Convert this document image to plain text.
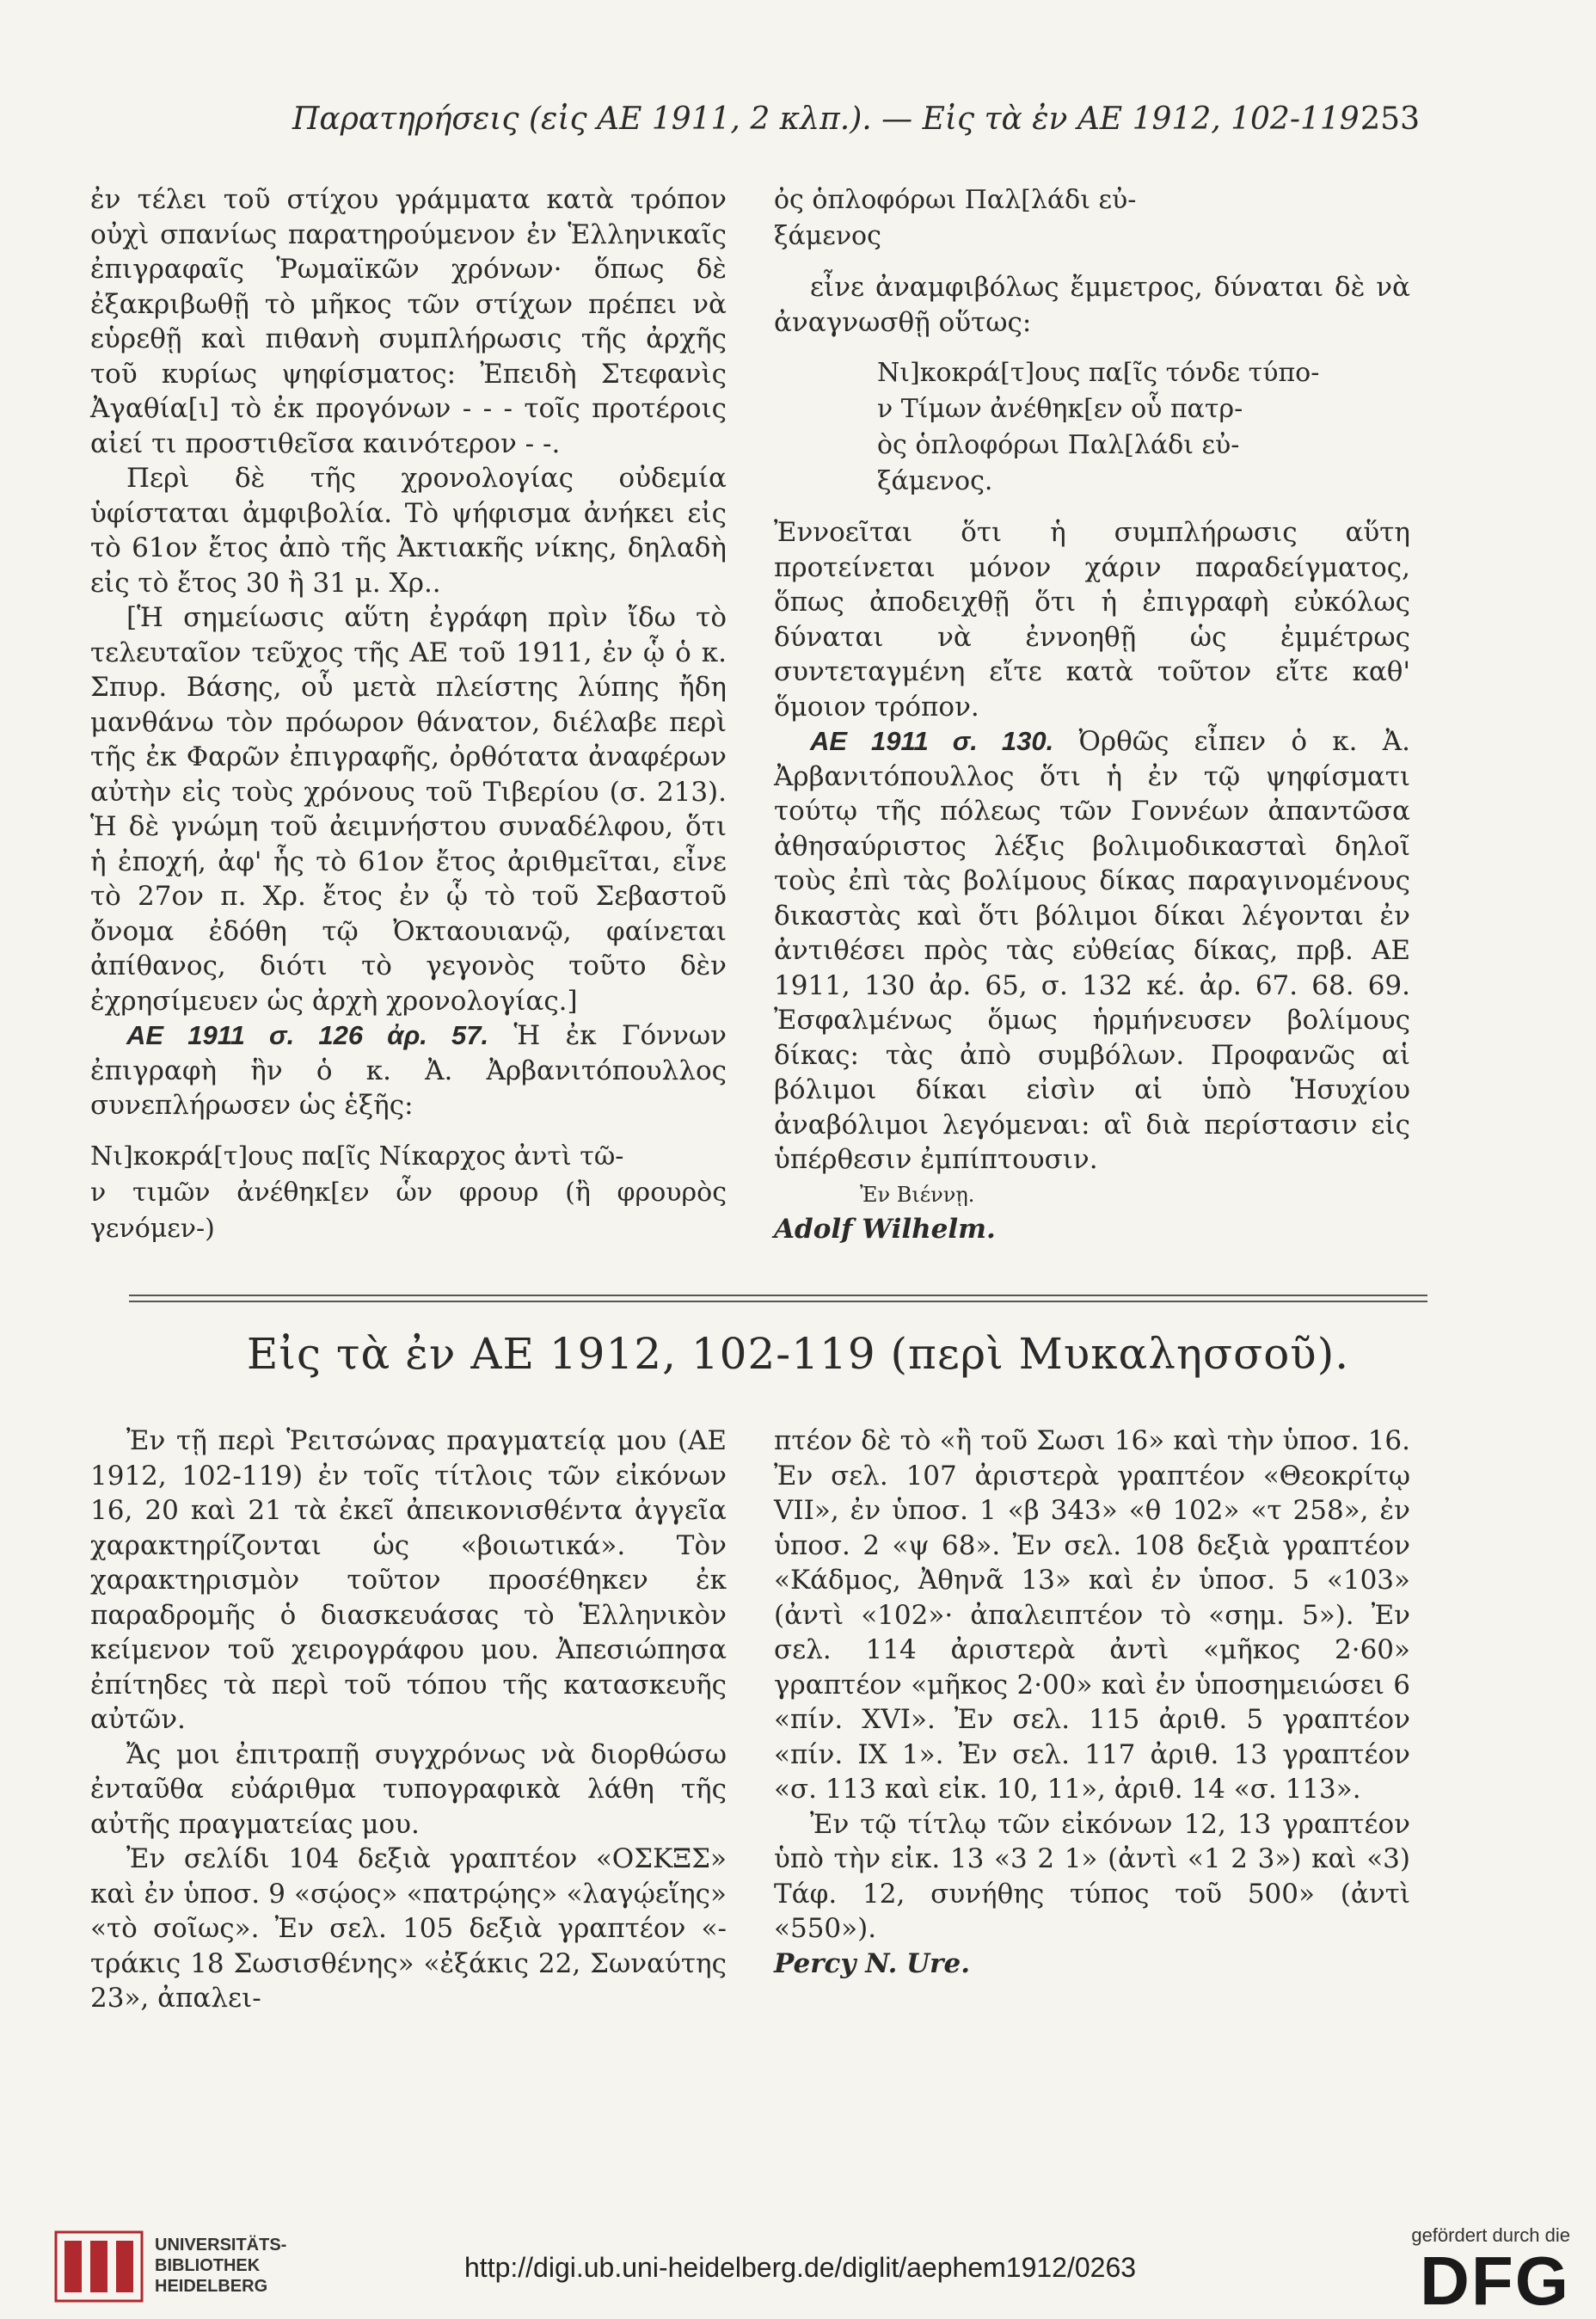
Παρατηρήσεις (εἰς ΑΕ 1911, 2 κλπ.). — Εἰς τὰ ἐν ΑΕ 1912, 102-119.
253

ἐν τέλει τοῦ στίχου γράμματα κατὰ τρόπον οὐχὶ σπανίως παρατηρούμενον ἐν Ἑλληνικαῖς ἐπιγραφαῖς Ῥωμαϊκῶν χρόνων· ὅπως δὲ ἐξακριβωθῇ τὸ μῆκος τῶν στίχων πρέπει νὰ εὑρεθῇ καὶ πιθανὴ συμπλήρωσις τῆς ἀρχῆς τοῦ κυρίως ψηφίσματος: Ἐπειδὴ Στεφανὶς Ἀγαθία[ι] τὸ ἐκ προγόνων - - - τοῖς προτέροις αἰεί τι προστιθεῖσα καινότερον - -.

Περὶ δὲ τῆς χρονολογίας οὐδεμία ὑφίσταται ἀμφιβολία. Τὸ ψήφισμα ἀνήκει εἰς τὸ 61ον ἔτος ἀπὸ τῆς Ἀκτιακῆς νίκης, δηλαδὴ εἰς τὸ ἔτος 30 ἢ 31 μ. Χρ..

[Ἡ σημείωσις αὕτη ἐγράφη πρὶν ἴδω τὸ τελευταῖον τεῦχος τῆς ΑΕ τοῦ 1911, ἐν ᾧ ὁ κ. Σπυρ. Βάσης, οὗ μετὰ πλείστης λύπης ἤδη μανθάνω τὸν πρόωρον θάνατον, διέλαβε περὶ τῆς ἐκ Φαρῶν ἐπιγραφῆς, ὀρθότατα ἀναφέρων αὐτὴν εἰς τοὺς χρόνους τοῦ Τιβερίου (σ. 213). Ἡ δὲ γνώμη τοῦ ἀειμνήστου συναδέλφου, ὅτι ἡ ἐποχή, ἀφ' ἧς τὸ 61ον ἔτος ἀριθμεῖται, εἶνε τὸ 27ον π. Χρ. ἔτος ἐν ᾧ τὸ τοῦ Σεβαστοῦ ὄνομα ἐδόθη τῷ Ὀκταουιανῷ, φαίνεται ἀπίθανος, διότι τὸ γεγονὸς τοῦτο δὲν ἐχρησίμευεν ὡς ἀρχὴ χρονολογίας.]

ΑΕ 1911 σ. 126 ἀρ. 57. Ἡ ἐκ Γόννων ἐπιγραφὴ ἣν ὁ κ. Ἀ. Ἀρβανιτόπουλλος συνεπλήρωσεν ὡς ἑξῆς:

Νι]κοκρά[τ]ους πα[ῖς Νίκαρχος ἀντὶ τῶ-

ν τιμῶν ἀνέθηκ[εν ὧν φρουρ (ἢ φρουρὸς γενόμεν-)

ὀς ὁπλοφόρωι Παλ[λάδι εὐ-

ξάμενος

εἶνε ἀναμφιβόλως ἔμμετρος, δύναται δὲ νὰ ἀναγνωσθῇ οὕτως:

Νι]κοκρά[τ]ους πα[ῖς τόνδε τύπο-

ν Τίμων ἀνέθηκ[εν οὗ πατρ-

ὸς ὁπλοφόρωι Παλ[λάδι εὐ-

ξάμενος.

Ἐννοεῖται ὅτι ἡ συμπλήρωσις αὕτη προτείνεται μόνον χάριν παραδείγματος, ὅπως ἀποδειχθῇ ὅτι ἡ ἐπιγραφὴ εὐκόλως δύναται νὰ ἐννοηθῇ ὡς ἐμμέτρως συντεταγμένη εἴτε κατὰ τοῦτον εἴτε καθ' ὅμοιον τρόπον.

ΑΕ 1911 σ. 130. Ὀρθῶς εἶπεν ὁ κ. Ἀ. Ἀρβανιτόπουλλος ὅτι ἡ ἐν τῷ ψηφίσματι τούτῳ τῆς πόλεως τῶν Γοννέων ἀπαντῶσα ἀθησαύριστος λέξις βολιμοδικασταὶ δηλοῖ τοὺς ἐπὶ τὰς βολίμους δίκας παραγινομένους δικαστὰς καὶ ὅτι βόλιμοι δίκαι λέγονται ἐν ἀντιθέσει πρὸς τὰς εὐθείας δίκας, πρβ. ΑΕ 1911, 130 ἀρ. 65, σ. 132 κέ. ἀρ. 67. 68. 69. Ἐσφαλμένως ὅμως ἡρμήνευσεν βολίμους δίκας: τὰς ἀπὸ συμβόλων. Προφανῶς αἱ βόλιμοι δίκαι εἰσὶν αἱ ὑπὸ Ἡσυχίου ἀναβόλιμοι λεγόμεναι: αἳ διὰ περίστασιν εἰς ὑπέρθεσιν ἐμπίπτουσιν.

Ἐν Βιέννῃ.

Adolf Wilhelm.

Εἰς τὰ ἐν ΑΕ 1912, 102-119 (περὶ Μυκαλησσοῦ).

Ἐν τῇ περὶ Ῥειτσώνας πραγματείᾳ μου (ΑΕ 1912, 102-119) ἐν τοῖς τίτλοις τῶν εἰκόνων 16, 20 καὶ 21 τὰ ἐκεῖ ἀπεικονισθέντα ἀγγεῖα χαρακτηρίζονται ὡς «βοιωτικά». Τὸν χαρακτηρισμὸν τοῦτον προσέθηκεν ἐκ παραδρομῆς ὁ διασκευάσας τὸ Ἑλληνικὸν κείμενον τοῦ χειρογράφου μου. Ἀπεσιώπησα ἐπίτηδες τὰ περὶ τοῦ τόπου τῆς κατασκευῆς αὐτῶν.

Ἄς μοι ἐπιτραπῇ συγχρόνως νὰ διορθώσω ἐνταῦθα εὐάριθμα τυπογραφικὰ λάθη τῆς αὐτῆς πραγματείας μου.

Ἐν σελίδι 104 δεξιὰ γραπτέον «ΟΣΚΞΣ» καὶ ἐν ὑποσ. 9 «σῴος» «πατρῴης» «λαγῴεἵης» «τὸ σοῖως». Ἐν σελ. 105 δεξιὰ γραπτέον «-τράκις 18 Σωσισθένης» «ἐξάκις 22, Σωναύτης 23», ἀπαλει-

πτέον δὲ τὸ «ἢ τοῦ Σωσι 16» καὶ τὴν ὑποσ. 16. Ἐν σελ. 107 ἀριστερὰ γραπτέον «Θεοκρίτῳ VII», ἐν ὑποσ. 1 «β 343» «θ 102» «τ 258», ἐν ὑποσ. 2 «ψ 68». Ἐν σελ. 108 δεξιὰ γραπτέον «Κάδμος, Ἀθηνᾶ 13» καὶ ἐν ὑποσ. 5 «103» (ἀντὶ «102»· ἀπαλειπτέον τὸ «σημ. 5»). Ἐν σελ. 114 ἀριστερὰ ἀντὶ «μῆκος 2·60» γραπτέον «μῆκος 2·00» καὶ ἐν ὑποσημειώσει 6 «πίν. XVI». Ἐν σελ. 115 ἀριθ. 5 γραπτέον «πίν. IX 1». Ἐν σελ. 117 ἀριθ. 13 γραπτέον «σ. 113 καὶ εἰκ. 10, 11», ἀριθ. 14 «σ. 113».

Ἐν τῷ τίτλῳ τῶν εἰκόνων 12, 13 γραπτέον ὑπὸ τὴν εἰκ. 13 «3 2 1» (ἀντὶ «1 2 3») καὶ «3) Τάφ. 12, συνήθης τύπος τοῦ 500» (ἀντὶ «550»).

Percy N. Ure.

UNIVERSITÄTS-
BIBLIOTHEK
HEIDELBERG
http://digi.ub.uni-heidelberg.de/diglit/aephem1912/0263
gefördert durch die
DFG
